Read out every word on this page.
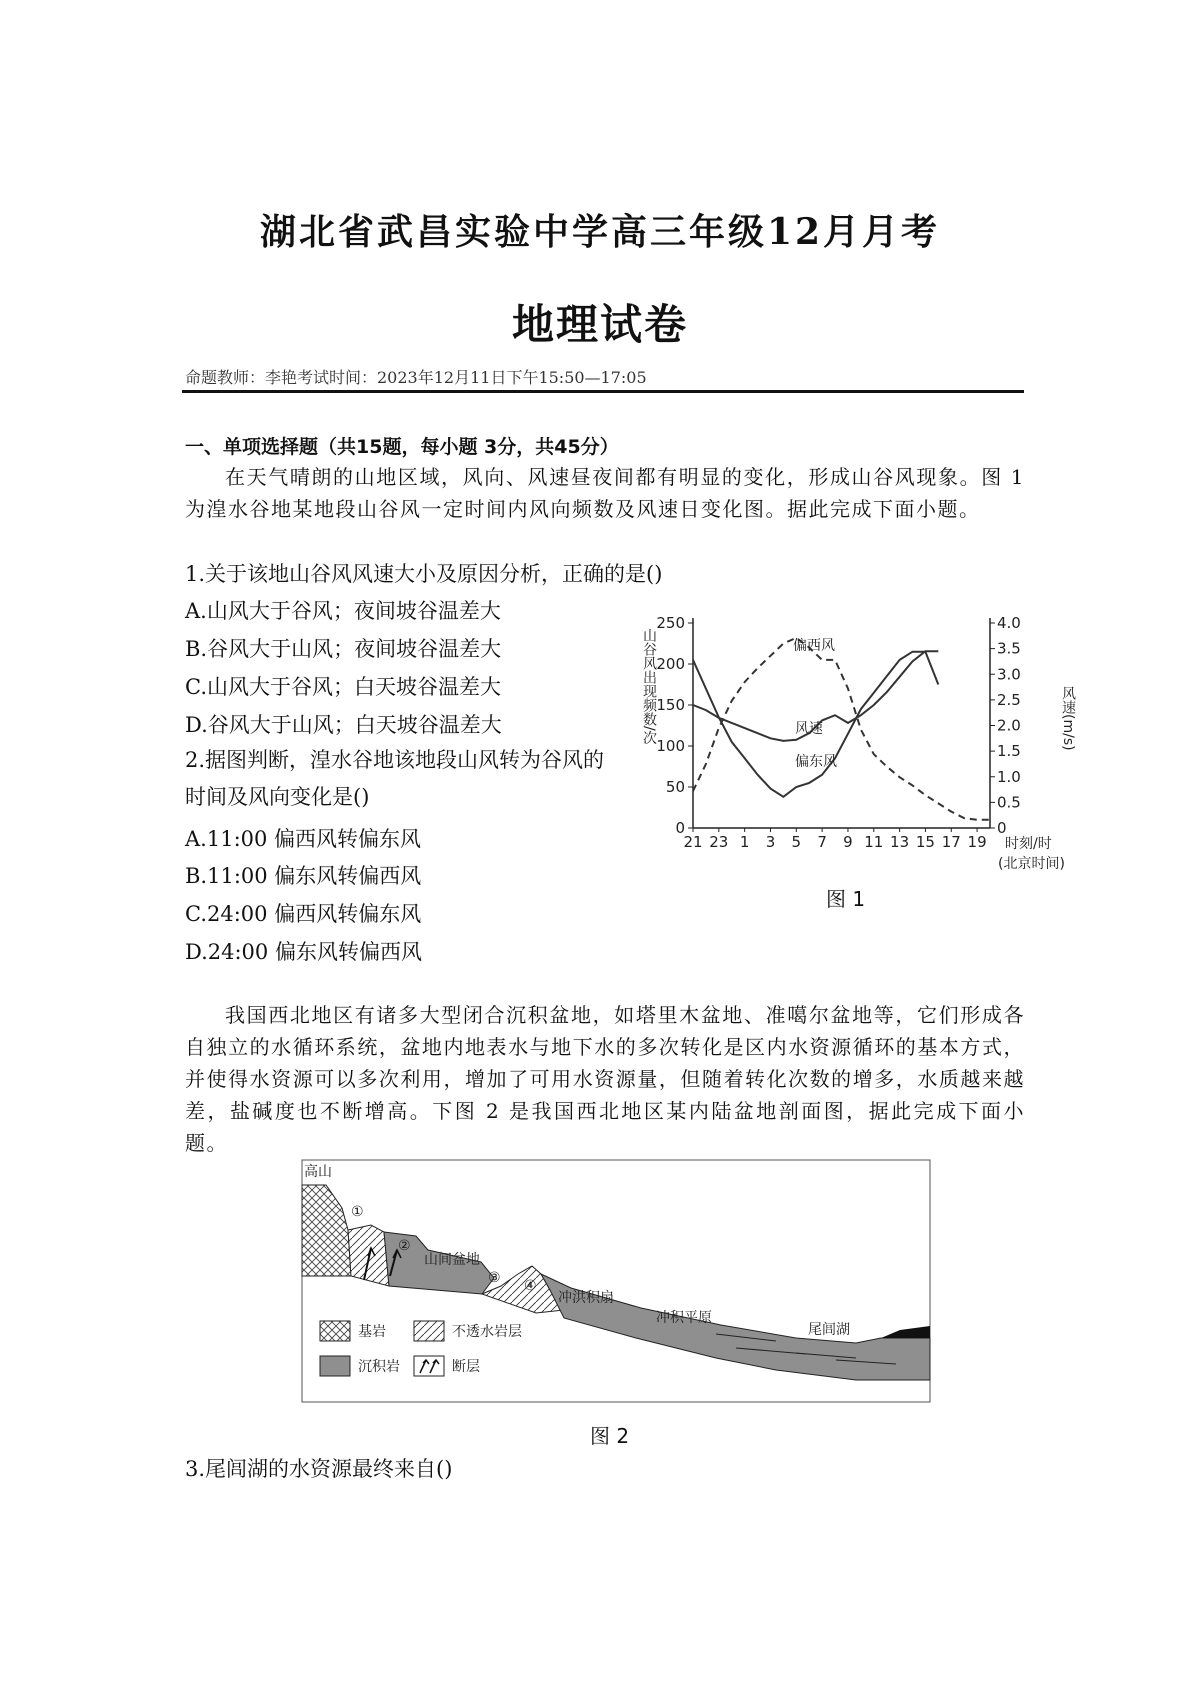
湖北省武昌实验中学高三年级12月月考
地理试卷
命题教师：李艳考试时间：2023年12月11日下午15:50—17:05
一、单项选择题（共15题，每小题 3分，共45分）

在天气晴朗的山地区域，风向、风速昼夜间都有明显的变化，形成山谷风现象。图 1 为湟水谷地某地段山谷风一定时间内风向频数及风速日变化图。据此完成下面小题。

1.关于该地山谷风风速大小及原因分析，正确的是()
A.山风大于谷风；夜间坡谷温差大
B.谷风大于山风；夜间坡谷温差大
C.山风大于谷风；白天坡谷温差大
D.谷风大于山风；白天坡谷温差大
2.据图判断，湟水谷地该地段山风转为谷风的时间及风向变化是()
A.11:00 偏西风转偏东风
B.11:00 偏东风转偏西风
C.24:00 偏西风转偏东风
D.24:00 偏东风转偏西风
山谷风出现频数/次	风速(m/s)
0
50
100
150
200
250
0
0.5
1.0
1.5
2.0
2.5
3.0
3.5
4.0
21 23 1 3 5 7 9 11 13 15 17 19 时刻/时
(北京时间)
偏西风
风速
偏东风
图 1

我国西北地区有诸多大型闭合沉积盆地，如塔里木盆地、准噶尔盆地等，它们形成各自独立的水循环系统，盆地内地表水与地下水的多次转化是区内水资源循环的基本方式，并使得水资源可以多次利用，增加了可用水资源量，但随着转化次数的增多，水质越来越差，盐碱度也不断增高。下图 2 是我国西北地区某内陆盆地剖面图，据此完成下面小题。

高山
①
②
山间盆地
③ ④
冲洪积扇
冲积平原
尾闾湖
基岩	不透水岩层
沉积岩	断层
图 2
3.尾闾湖的水资源最终来自()
